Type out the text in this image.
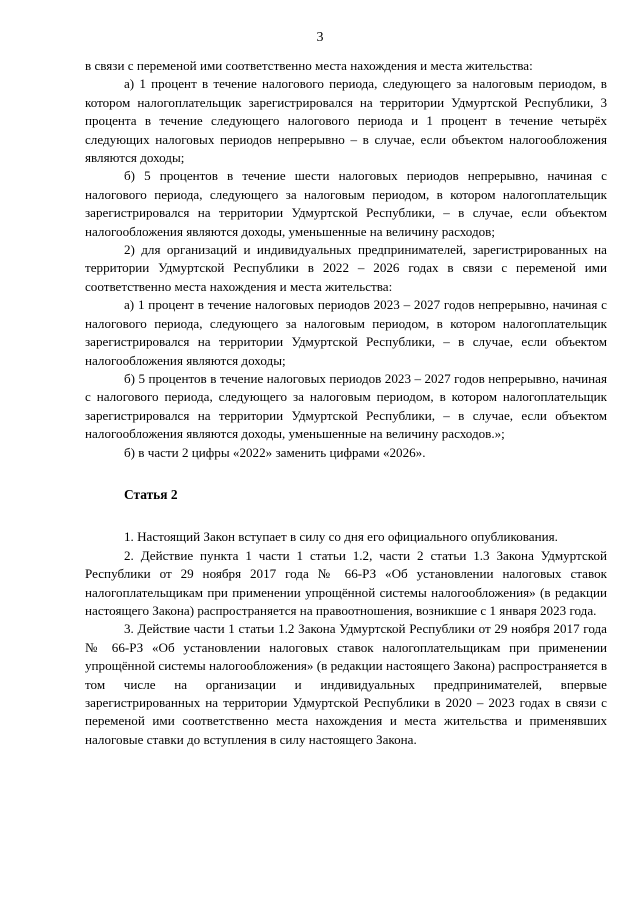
3

в связи с переменой ими соответственно места нахождения и места жительства:

а) 1 процент в течение налогового периода, следующего за налоговым периодом, в котором налогоплательщик зарегистрировался на территории Удмуртской Республики, 3 процента в течение следующего налогового периода и 1 процент в течение четырёх следующих налоговых периодов непрерывно – в случае, если объектом налогообложения являются доходы;

б) 5 процентов в течение шести налоговых периодов непрерывно, начиная с налогового периода, следующего за налоговым периодом, в котором налогоплательщик зарегистрировался на территории Удмуртской Республики, – в случае, если объектом налогообложения являются доходы, уменьшенные на величину расходов;

2) для организаций и индивидуальных предпринимателей, зарегистрированных на территории Удмуртской Республики в 2022 – 2026 годах в связи с переменой ими соответственно места нахождения и места жительства:

а) 1 процент в течение налоговых периодов 2023 – 2027 годов непрерывно, начиная с налогового периода, следующего за налоговым периодом, в котором налогоплательщик зарегистрировался на территории Удмуртской Республики, – в случае, если объектом налогообложения являются доходы;

б) 5 процентов в течение налоговых периодов 2023 – 2027 годов непрерывно, начиная с налогового периода, следующего за налоговым периодом, в котором налогоплательщик зарегистрировался на территории Удмуртской Республики, – в случае, если объектом налогообложения являются доходы, уменьшенные на величину расходов.»;

б) в части 2 цифры «2022» заменить цифрами «2026».

Статья 2

1. Настоящий Закон вступает в силу со дня его официального опубликования.

2. Действие пункта 1 части 1 статьи 1.2, части 2 статьи 1.3 Закона Удмуртской Республики от 29 ноября 2017 года № 66-РЗ «Об установлении налоговых ставок налогоплательщикам при применении упрощённой системы налогообложения» (в редакции настоящего Закона) распространяется на правоотношения, возникшие с 1 января 2023 года.

3. Действие части 1 статьи 1.2 Закона Удмуртской Республики от 29 ноября 2017 года № 66-РЗ «Об установлении налоговых ставок налогоплательщикам при применении упрощённой системы налогообложения» (в редакции настоящего Закона) распространяется в том числе на организации и индивидуальных предпринимателей, впервые зарегистрированных на территории Удмуртской Республики в 2020 – 2023 годах в связи с переменой ими соответственно места нахождения и места жительства и применявших налоговые ставки до вступления в силу настоящего Закона.
